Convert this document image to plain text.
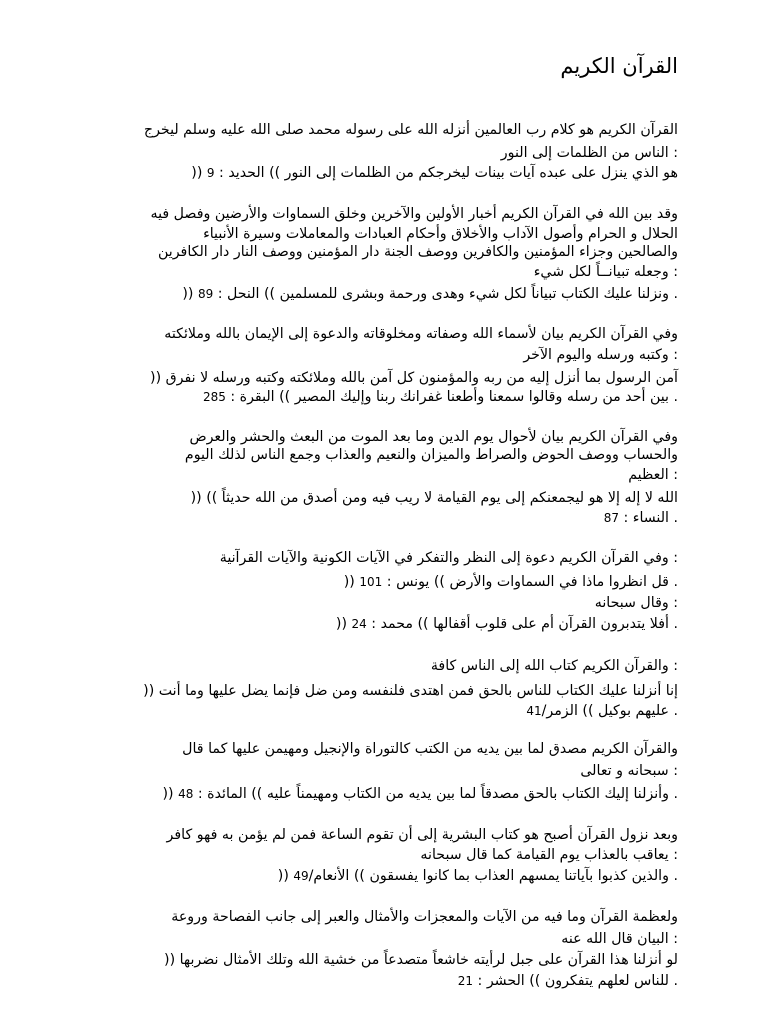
القرآن الكريم
القرآن الكريم هو كلام رب العالمين أنزله الله على رسوله محمد صلى الله عليه وسلم ليخرج
: الناس من الظلمات إلى النور
هو الذي ينزل على عبده آيات بينات ليخرجكم من الظلمات إلى النور )) الحديد : 9 ((
وقد بين الله في القرآن الكريم أخبار الأولين والآخرين وخلق السماوات والأرضين وفصل فيه
الحلال و الحرام وأصول الآداب والأخلاق وأحكام العبادات والمعاملات وسيرة الأنبياء
والصالحين وجزاء المؤمنين والكافرين ووصف الجنة دار المؤمنين ووصف النار دار الكافرين
: وجعله تبيانــاً لكل شيء
. ونزلنا عليك الكتاب تبياناً لكل شيء وهدى ورحمة وبشرى للمسلمين )) النحل : 89 ((
وفي القرآن الكريم بيان لأسماء الله وصفاته ومخلوقاته والدعوة إلى الإيمان بالله وملائكته
: وكتبه ورسله واليوم الآخر
آمن الرسول بما أنزل إليه من ربه والمؤمنون كل آمن بالله وملائكته وكتبه ورسله لا نفرق ((
. بين أحد من رسله وقالوا سمعنا وأطعنا غفرانك ربنا وإليك المصير )) البقرة : 285
وفي القرآن الكريم بيان لأحوال يوم الدين وما بعد الموت من البعث والحشر والعرض
والحساب ووصف الحوض والصراط والميزان والنعيم والعذاب وجمع الناس لذلك اليوم
: العظيم
الله لا إله إلا هو ليجمعنكم إلى يوم القيامة لا ريب فيه ومن أصدق من الله حديثاً )) ((
. النساء : 87
: وفي القرآن الكريم دعوة إلى النظر والتفكر في الآيات الكونية والآيات القرآنية
. قل انظروا ماذا في السماوات والأرض )) يونس : 101 ((
: وقال سبحانه
. أفلا يتدبرون القرآن أم على قلوب أقفالها )) محمد : 24 ((
: والقرآن الكريم كتاب الله إلى الناس كافة
إنا أنزلنا عليك الكتاب للناس بالحق فمن اهتدى فلنفسه ومن ضل فإنما يضل عليها وما أنت ((
. عليهم بوكيل )) الزمر/41
والقرآن الكريم مصدق لما بين يديه من الكتب كالتوراة والإنجيل ومهيمن عليها كما قال
: سبحانه و تعالى
. وأنزلنا إليك الكتاب بالحق مصدقاً لما بين يديه من الكتاب ومهيمناً عليه )) المائدة : 48 ((
وبعد نزول القرآن أصبح هو كتاب البشرية إلى أن تقوم الساعة فمن لم يؤمن به فهو كافر
: يعاقب بالعذاب يوم القيامة كما قال سبحانه
. والذين كذبوا بآياتنا يمسهم العذاب بما كانوا يفسقون )) الأنعام/49 ((
ولعظمة القرآن وما فيه من الآيات والمعجزات والأمثال والعبر إلى جانب الفصاحة وروعة
: البيان قال الله عنه
لو أنزلنا هذا القرآن على جبل لرأيته خاشعاً متصدعاً من خشية الله وتلك الأمثال نضربها ((
. للناس لعلهم يتفكرون )) الحشر : 21
